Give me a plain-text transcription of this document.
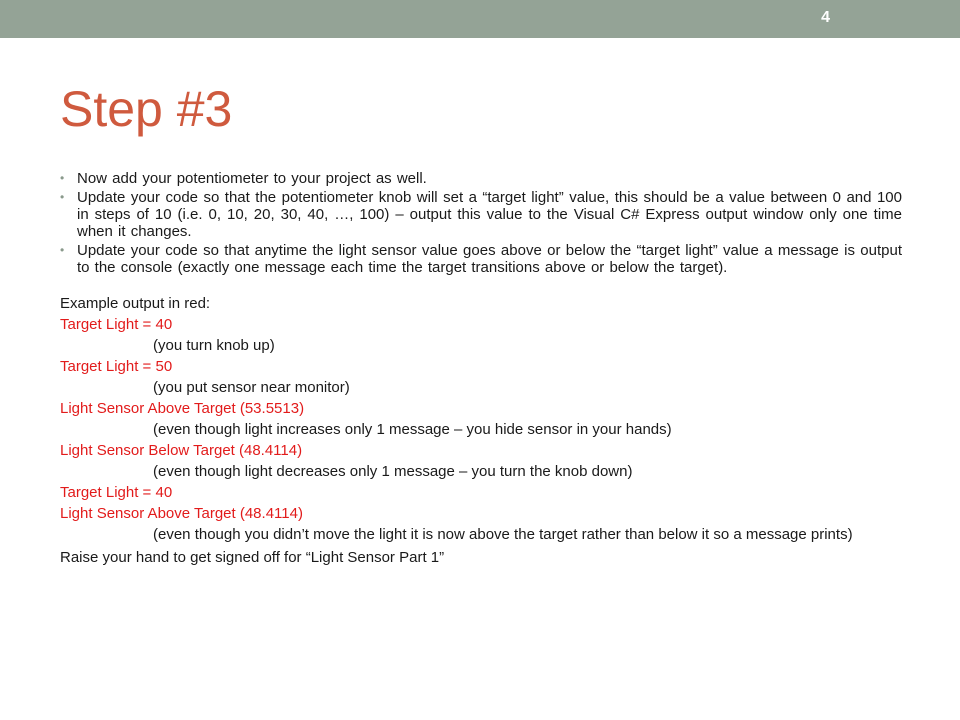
4
Step #3
• Now add your potentiometer to your project as well.
• Update your code so that the potentiometer knob will set a “target light” value, this should be a value between 0 and 100 in steps of 10 (i.e. 0, 10, 20, 30, 40, …, 100) – output this value to the Visual C# Express output window only one time when it changes.
• Update your code so that anytime the light sensor value goes above or below the “target light” value a message is output to the console (exactly one message each time the target transitions above or below the target).

Example output in red:

Target Light = 40

(you turn knob up)

Target Light = 50

(you put sensor near monitor)

Light Sensor Above Target (53.5513)

(even though light increases only 1 message – you hide sensor in your hands)

Light Sensor Below Target (48.4114)

(even though light decreases only 1 message – you turn the knob down)

Target Light = 40

Light Sensor Above Target (48.4114)

(even though you didn’t move the light it is now above the target rather than below it so a message prints)

Raise your hand to get signed off for “Light Sensor Part 1”
